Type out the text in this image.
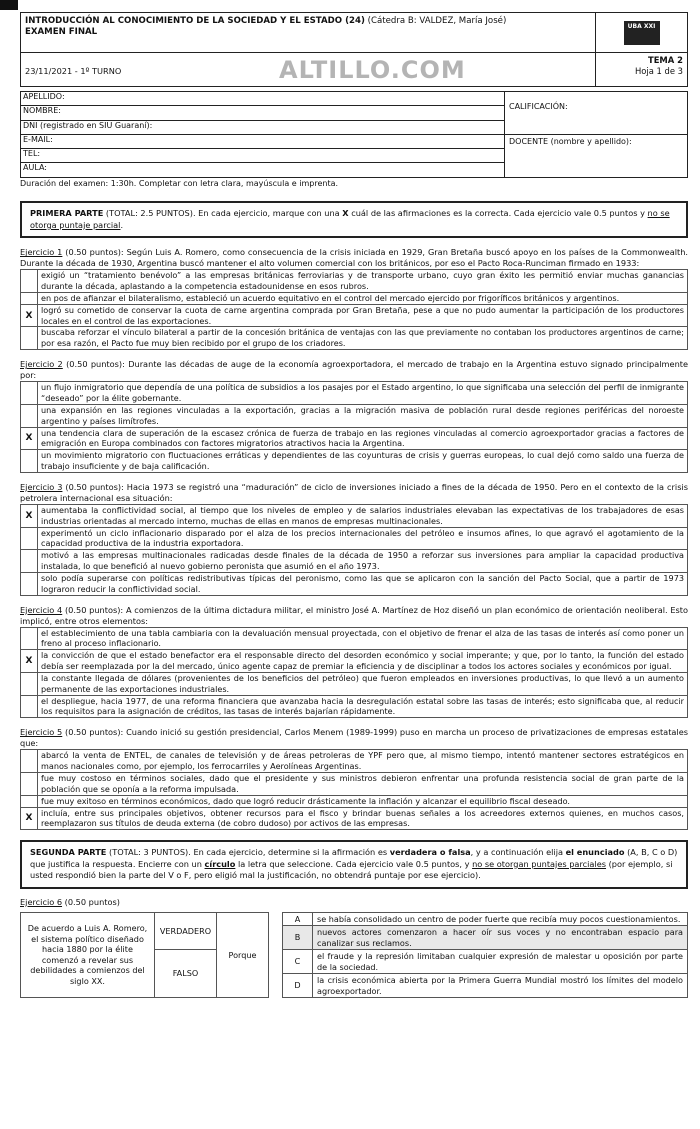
INTRODUCCIÓN AL CONOCIMIENTO DE LA SOCIEDAD Y EL ESTADO (24) (Cátedra B: VALDEZ, María José)
EXAMEN FINAL	UBA XXI

23/11/2021 - 1º TURNO ALTILLO.COM	TEMA 2
Hoja 1 de 3
APELLIDO:	CALIFICACIÓN:

NOMBRE:	
DNI (registrado en SIU Guaraní):	
E-MAIL:	DOCENTE (nombre y apellido):
TEL:	
AULA:	
Duración del examen: 1:30h. Completar con letra clara, mayúscula e imprenta.
PRIMERA PARTE (TOTAL: 2.5 PUNTOS). En cada ejercicio, marque con una X cuál de las afirmaciones es la correcta. Cada ejercicio vale 0.5 puntos y no se otorga puntaje parcial.
Ejercicio 1 (0.50 puntos): Según Luis A. Romero, como consecuencia de la crisis iniciada en 1929, Gran Bretaña buscó apoyo en los países de la Commonwealth. Durante la década de 1930, Argentina buscó mantener el alto volumen comercial con los británicos, por eso el Pacto Roca-Runciman firmado en 1933:
	exigió un “tratamiento benévolo” a las empresas británicas ferroviarias y de transporte urbano, cuyo gran éxito les permitió enviar muchas ganancias durante la década, aplastando a la competencia estadounidense en esos rubros.
	en pos de afianzar el bilateralismo, estableció un acuerdo equitativo en el control del mercado ejercido por frigoríficos británicos y argentinos.
X	logró su cometido de conservar la cuota de carne argentina comprada por Gran Bretaña, pese a que no pudo aumentar la participación de los productores locales en el control de las exportaciones.
	buscaba reforzar el vínculo bilateral a partir de la concesión británica de ventajas con las que previamente no contaban los productores argentinos de carne; por esa razón, el Pacto fue muy bien recibido por el grupo de los criadores.
Ejercicio 2 (0.50 puntos): Durante las décadas de auge de la economía agroexportadora, el mercado de trabajo en la Argentina estuvo signado principalmente por:
	un flujo inmigratorio que dependía de una política de subsidios a los pasajes por el Estado argentino, lo que significaba una selección del perfil de inmigrante “deseado” por la élite gobernante.
	una expansión en las regiones vinculadas a la exportación, gracias a la migración masiva de población rural desde regiones periféricas del noroeste argentino y países limítrofes.
X	una tendencia clara de superación de la escasez crónica de fuerza de trabajo en las regiones vinculadas al comercio agroexportador gracias a factores de emigración en Europa combinados con factores migratorios atractivos hacia la Argentina.
	un movimiento migratorio con fluctuaciones erráticas y dependientes de las coyunturas de crisis y guerras europeas, lo cual dejó como saldo una fuerza de trabajo insuficiente y de baja calificación.
Ejercicio 3 (0.50 puntos): Hacia 1973 se registró una “maduración” de ciclo de inversiones iniciado a fines de la década de 1950. Pero en el contexto de la crisis petrolera internacional esa situación:
X	aumentaba la conflictividad social, al tiempo que los niveles de empleo y de salarios industriales elevaban las expectativas de los trabajadores de esas industrias orientadas al mercado interno, muchas de ellas en manos de empresas multinacionales.
	experimentó un ciclo inflacionario disparado por el alza de los precios internacionales del petróleo e insumos afines, lo que agravó el agotamiento de la capacidad productiva de la industria exportadora.
	motivó a las empresas multinacionales radicadas desde finales de la década de 1950 a reforzar sus inversiones para ampliar la capacidad productiva instalada, lo que benefició al nuevo gobierno peronista que asumió en el año 1973.
	solo podía superarse con políticas redistributivas típicas del peronismo, como las que se aplicaron con la sanción del Pacto Social, que a partir de 1973 lograron reducir la conflictividad social.
Ejercicio 4 (0.50 puntos): A comienzos de la última dictadura militar, el ministro José A. Martínez de Hoz diseñó un plan económico de orientación neoliberal. Esto implicó, entre otros elementos:
	el establecimiento de una tabla cambiaria con la devaluación mensual proyectada, con el objetivo de frenar el alza de las tasas de interés así como poner un freno al proceso inflacionario.
X	la convicción de que el estado benefactor era el responsable directo del desorden económico y social imperante; y que, por lo tanto, la función del estado debía ser reemplazada por la del mercado, único agente capaz de premiar la eficiencia y de disciplinar a todos los actores sociales y económicos por igual.
	la constante llegada de dólares (provenientes de los beneficios del petróleo) que fueron empleados en inversiones productivas, lo que llevó a un aumento permanente de las exportaciones industriales.
	el despliegue, hacia 1977, de una reforma financiera que avanzaba hacia la desregulación estatal sobre las tasas de interés; esto significaba que, al reducir los requisitos para la asignación de créditos, las tasas de interés bajarían rápidamente.
Ejercicio 5 (0.50 puntos): Cuando inició su gestión presidencial, Carlos Menem (1989-1999) puso en marcha un proceso de privatizaciones de empresas estatales que:
	abarcó la venta de ENTEL, de canales de televisión y de áreas petroleras de YPF pero que, al mismo tiempo, intentó mantener sectores estratégicos en manos nacionales como, por ejemplo, los ferrocarriles y Aerolíneas Argentinas.
	fue muy costoso en términos sociales, dado que el presidente y sus ministros debieron enfrentar una profunda resistencia social de gran parte de la población que se oponía a la reforma impulsada.
	fue muy exitoso en términos económicos, dado que logró reducir drásticamente la inflación y alcanzar el equilibrio fiscal deseado.
X	incluía, entre sus principales objetivos, obtener recursos para el fisco y brindar buenas señales a los acreedores externos quienes, en muchos casos, reemplazaron sus títulos de deuda externa (de cobro dudoso) por activos de las empresas.
SEGUNDA PARTE (TOTAL: 3 PUNTOS). En cada ejercicio, determine si la afirmación es verdadera o falsa, y a continuación elija el enunciado (A, B, C o D) que justifica la respuesta. Encierre con un círculo la letra que seleccione. Cada ejercicio vale 0.5 puntos, y no se otorgan puntajes parciales (por ejemplo, si usted respondió bien la parte del V o F, pero eligió mal la justificación, no obtendrá puntaje por ese ejercicio).
Ejercicio 6 (0.50 puntos)
De acuerdo a Luis A. Romero, el sistema político diseñado hacia 1880 por la élite comenzó a revelar sus debilidades a comienzos del siglo XX.	VERDADERO	Porque		A	se había consolidado un centro de poder fuerte que recibía muy pocos cuestionamientos.
				B	nuevos actores comenzaron a hacer oír sus voces y no encontraban espacio para canalizar sus reclamos.
	FALSO			C	el fraude y la represión limitaban cualquier expresión de malestar u oposición por parte de la sociedad.
				D	la crisis económica abierta por la Primera Guerra Mundial mostró los límites del modelo agroexportador.
